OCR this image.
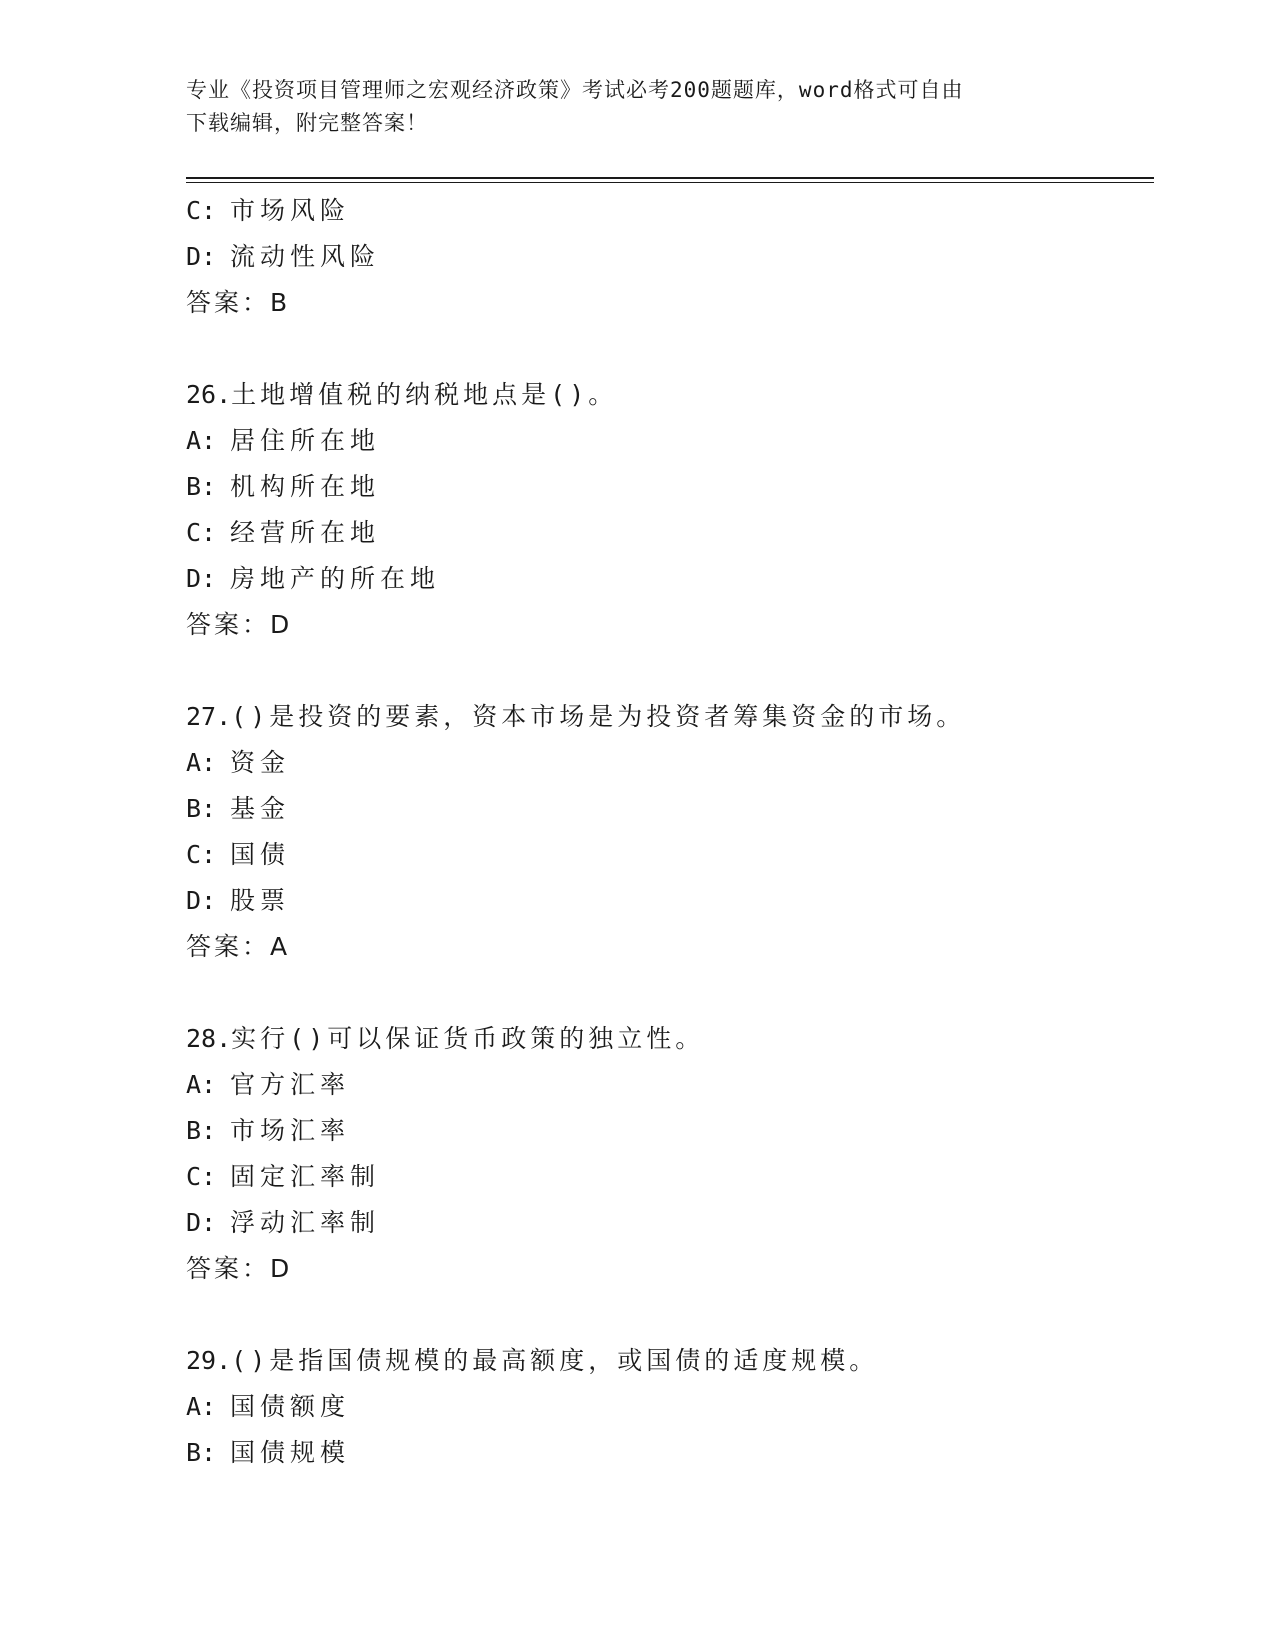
专业《投资项目管理师之宏观经济政策》考试必考200题题库，word格式可自由
下载编辑，附完整答案！
C: 市场风险
D: 流动性风险
答案：B
26.土地增值税的纳税地点是()。
A: 居住所在地
B: 机构所在地
C: 经营所在地
D: 房地产的所在地
答案：D
27.()是投资的要素，资本市场是为投资者筹集资金的市场。
A: 资金
B: 基金
C: 国债
D: 股票
答案：A
28.实行()可以保证货币政策的独立性。
A: 官方汇率
B: 市场汇率
C: 固定汇率制
D: 浮动汇率制
答案：D
29.()是指国债规模的最高额度，或国债的适度规模。
A: 国债额度
B: 国债规模
